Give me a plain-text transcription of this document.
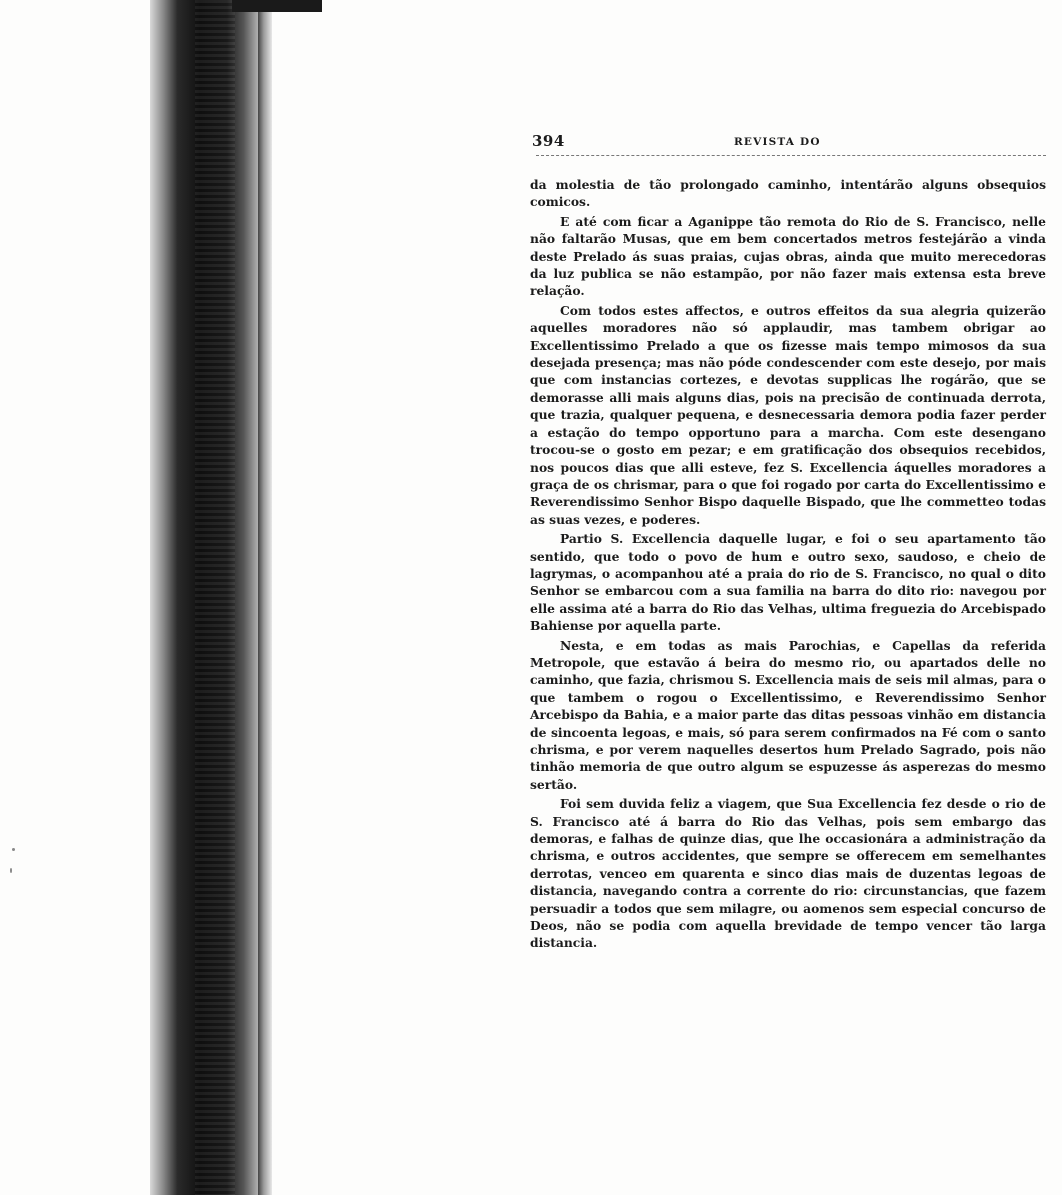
394	REVISTA DO

da molestia de tão prolongado caminho, intentárão alguns obsequios comicos.

E até com ficar a Aganippe tão remota do Rio de S. Francisco, nelle não faltarão Musas, que em bem concertados metros festejárão a vinda deste Prelado ás suas praias, cujas obras, ainda que muito merecedoras da luz publica se não estampão, por não fazer mais extensa esta breve relação.

Com todos estes affectos, e outros effeitos da sua alegria quizerão aquelles moradores não só applaudir, mas tambem obrigar ao Excellentissimo Prelado a que os fizesse mais tempo mimosos da sua desejada presença; mas não póde condescender com este desejo, por mais que com instancias cortezes, e devotas supplicas lhe rogárão, que se demorasse alli mais alguns dias, pois na precisão de continuada derrota, que trazia, qualquer pequena, e desnecessaria demora podia fazer perder a estação do tempo opportuno para a marcha. Com este desengano trocou-se o gosto em pezar; e em gratificação dos obsequios recebidos, nos poucos dias que alli esteve, fez S. Excellencia áquelles moradores a graça de os chrismar, para o que foi rogado por carta do Excellentissimo e Reverendissimo Senhor Bispo daquelle Bispado, que lhe commetteo todas as suas vezes, e poderes.

Partio S. Excellencia daquelle lugar, e foi o seu apartamento tão sentido, que todo o povo de hum e outro sexo, saudoso, e cheio de lagrymas, o acompanhou até a praia do rio de S. Francisco, no qual o dito Senhor se embarcou com a sua familia na barra do dito rio: navegou por elle assima até a barra do Rio das Velhas, ultima freguezia do Arcebispado Bahiense por aquella parte.

Nesta, e em todas as mais Parochias, e Capellas da referida Metropole, que estavão á beira do mesmo rio, ou apartados delle no caminho, que fazia, chrismou S. Excellencia mais de seis mil almas, para o que tambem o rogou o Excellentissimo, e Reverendissimo Senhor Arcebispo da Bahia, e a maior parte das ditas pessoas vinhão em distancia de sincoenta legoas, e mais, só para serem confirmados na Fé com o santo chrisma, e por verem naquelles desertos hum Prelado Sagrado, pois não tinhão memoria de que outro algum se espuzesse ás asperezas do mesmo sertão.

Foi sem duvida feliz a viagem, que Sua Excellencia fez desde o rio de S. Francisco até á barra do Rio das Velhas, pois sem embargo das demoras, e falhas de quinze dias, que lhe occasionára a administração da chrisma, e outros accidentes, que sempre se offerecem em semelhantes derrotas, venceo em quarenta e sinco dias mais de duzentas legoas de distancia, navegando contra a corrente do rio: circunstancias, que fazem persuadir a todos que sem milagre, ou aomenos sem especial concurso de Deos, não se podia com aquella brevidade de tempo vencer tão larga distancia.
